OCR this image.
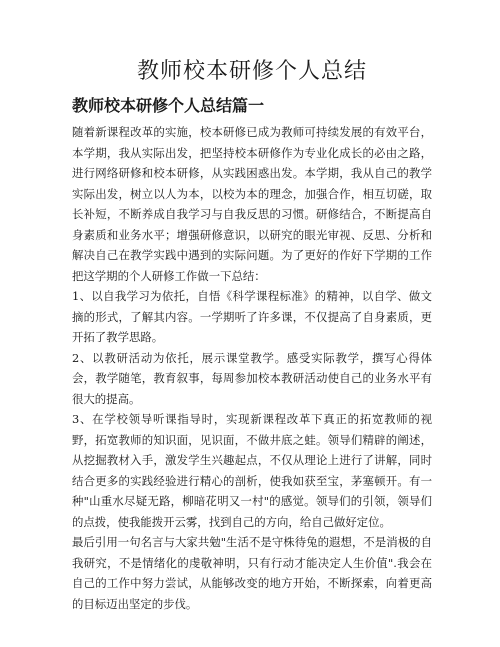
教师校本研修个人总结
教师校本研修个人总结篇一

随着新课程改革的实施，校本研修已成为教师可持续发展的有效平台，本学期，我从实际出发，把坚持校本研修作为专业化成长的必由之路，进行网络研修和校本研修，从实践困惑出发。本学期，我从自己的教学实际出发，树立以人为本，以校为本的理念，加强合作，相互切磋，取长补短，不断养成自我学习与自我反思的习惯。研修结合，不断提高自身素质和业务水平；增强研修意识，以研究的眼光审视、反思、分析和解决自己在教学实践中遇到的实际问题。为了更好的作好下学期的工作把这学期的个人研修工作做一下总结：

1、以自我学习为依托，自悟《科学课程标准》的精神，以自学、做文摘的形式，了解其内容。一学期听了许多课，不仅提高了自身素质，更开拓了教学思路。

2、以教研活动为依托，展示课堂教学。感受实际教学，撰写心得体会，教学随笔，教育叙事，每周参加校本教研活动使自己的业务水平有很大的提高。

3、在学校领导听课指导时，实现新课程改革下真正的拓宽教师的视野，拓宽教师的知识面，见识面，不做井底之蛙。领导们精辟的阐述，从挖掘教材入手，激发学生兴趣起点，不仅从理论上进行了讲解，同时结合更多的实践经验进行精心的剖析，使我如获至宝，茅塞顿开。有一种"山重水尽疑无路，柳暗花明又一村"的感觉。领导们的引领，领导们的点拨，使我能拨开云雾，找到自己的方向，给自己做好定位。

最后引用一句名言与大家共勉"生活不是守株待兔的遐想，不是消极的自我研究，不是情绪化的虔敬神明，只有行动才能决定人生价值".我会在自己的工作中努力尝试，从能够改变的地方开始，不断探索，向着更高的目标迈出坚定的步伐。
